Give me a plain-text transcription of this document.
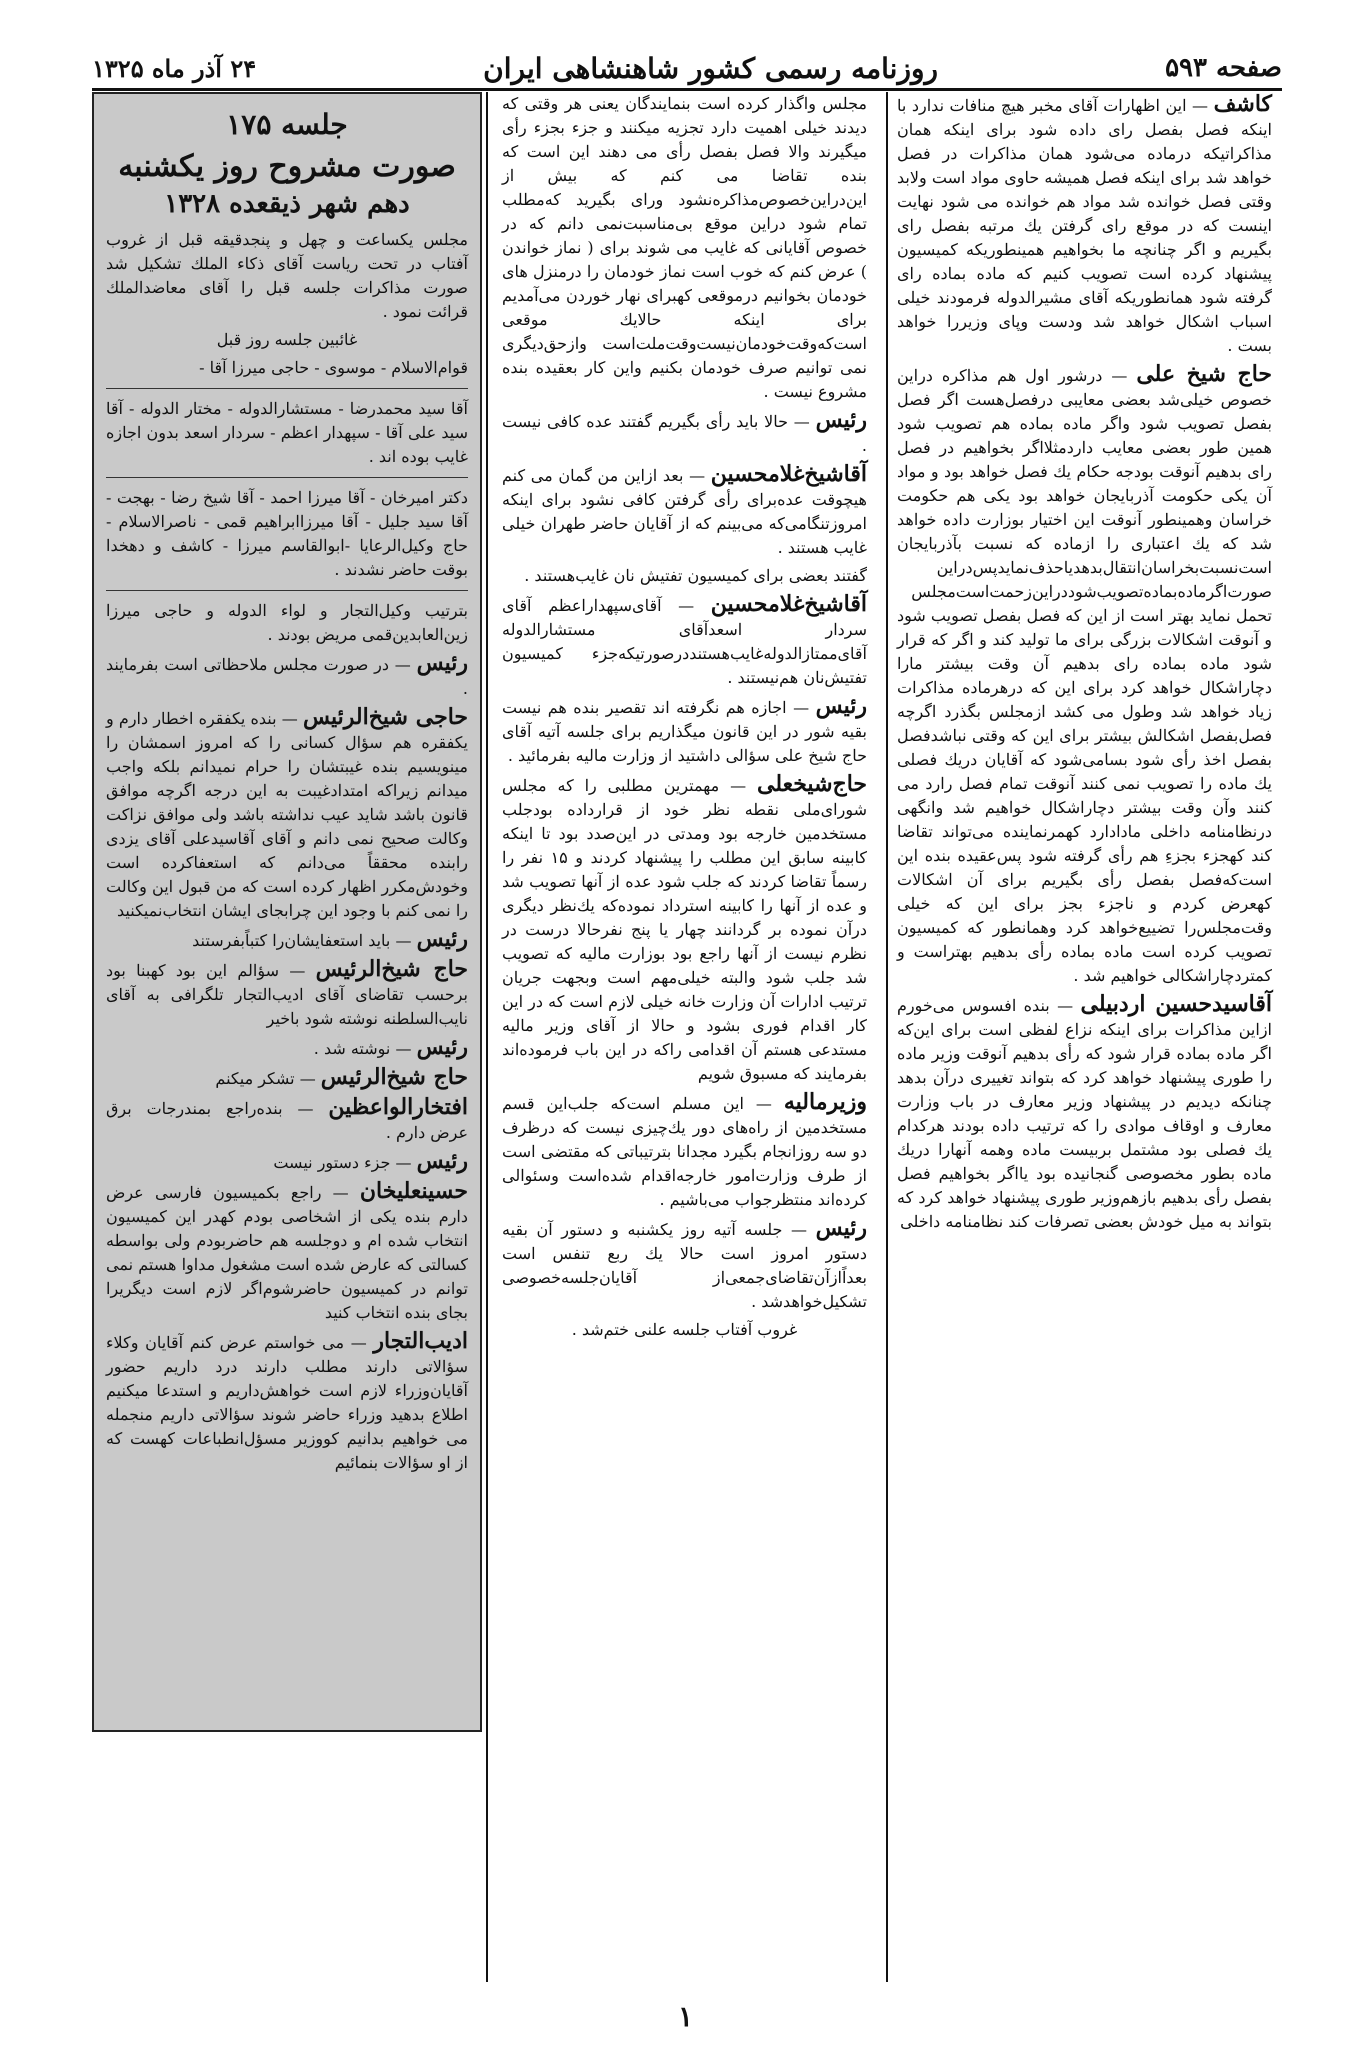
صفحه ۵۹۳
روزنامه رسمی کشور شاهنشاهی ایران
۲۴ آذر ماه ۱۳۲۵

کاشف — این اظهارات آقای مخبر هیچ منافات ندارد با اینکه فصل بفصل رای داده شود برای اینکه همان مذاکراتیکه درماده می‌شود همان مذاکرات در فصل خواهد شد برای اینکه فصل همیشه حاوی مواد است ولابد وقتی فصل خوانده شد مواد هم خوانده می شود نهایت اینست که در موقع رای گرفتن یك مرتبه بفصل رای بگیریم و اگر چنانچه ما بخواهیم همینطوریکه کمیسیون پیشنهاد کرده است تصویب کنیم که ماده بماده رای گرفته شود همانطوریکه آقای مشیرالدوله فرمودند خیلی اسباب اشکال خواهد شد ودست وپای وزیررا خواهد بست .

حاج شیخ علی — درشور اول هم مذاکره دراین خصوص خیلی‌شد بعضی معایبی درفصل‌هست اگر فصل بفصل تصویب شود واگر ماده بماده هم تصویب شود همین طور بعضی معایب داردمثلااگر بخواهیم در فصل رای بدهیم آنوقت بودجه حکام یك فصل خواهد بود و مواد آن یکی حکومت آذربایجان خواهد بود یکی هم حکومت خراسان وهمینطور آنوقت این اختیار بوزارت داده خواهد شد که یك اعتباری را ازماده که نسبت بآذربایجان است‌نسبت‌بخراسان‌انتقال‌بدهدیاحذف‌نماید‌پس‌دراین صورت‌اگرماده‌بماده‌تصویب‌شوددراین‌زحمت‌است‌مجلس تحمل نماید بهتر است از این که فصل بفصل تصویب شود و آنوقت اشکالات بزرگی برای ما تولید کند و اگر که قرار شود ماده بماده رای بدهیم آن وقت بیشتر مارا دچاراشکال خواهد کرد برای این که درهرماده مذاکرات زیاد خواهد شد وطول می کشد ازمجلس بگذرد اگرچه فصل‌بفصل اشکالش بیشتر برای این که وقتی نباشدفصل بفصل اخذ رأی شود بسامی‌شود که آقایان دریك فصلی یك ماده را تصویب نمی کنند آنوقت تمام فصل رارد می کنند وآن وقت بیشتر دچاراشکال خواهیم شد وانگهی درنظامنامه داخلی مادادارد کهمرنماینده می‌تواند تقاضا کند کهجزء بجزءِ هم رأی گرفته شود پس‌عقیده بنده این است‌که‌فصل بفصل رأی بگیریم برای آن اشکالات کهعرض کردم و ناجزء بجز برای این که خیلی وقت‌مجلس‌را تضییع‌خواهد کرد وهمانطور که کمیسیون تصویب کرده است ماده بماده رأی بدهیم بهتراست و کمتردچاراشکالی خواهیم شد .

آقاسیدحسین اردبیلی — بنده افسوس می‌خورم ازاین مذاکرات برای اینکه نزاع لفظی است برای این‌که اگر ماده بماده قرار شود که رأی بدهیم آنوقت وزیر ماده را طوری پیشنهاد خواهد کرد که بتواند تغییری درآن بدهد چنانکه دیدیم در پیشنهاد وزیر معارف در باب وزارت معارف و اوقاف موادی را که ترتیب داده بودند هرکدام یك فصلی بود مشتمل بربیست ماده وهمه آنهارا دریك ماده بطور مخصوصی گنجانیده بود یااگر بخواهیم فصل بفصل رأی بدهیم بازهم‌وزیر طوری پیشنهاد خواهد کرد که بتواند به میل خودش بعضی تصرفات کند نظامنامه داخلی

مجلس واگذار کرده است بنمایندگان یعنی هر وقتی که دیدند خیلی اهمیت دارد تجزیه میکنند و جزء بجزء رأی میگیرند والا فصل بفصل رأی می دهند این است که بنده تقاضا می کنم که بیش از این‌دراین‌خصوص‌مذاکره‌نشود ورای بگیرید که‌مطلب تمام شود دراین موقع بی‌مناسبت‌نمی دانم که در خصوص آقایانی که غایب می شوند برای ( نماز خواندن ) عرض کنم که خوب است نماز خودمان را درمنزل های خودمان بخوانیم درموقعی کهبرای نهار خوردن می‌آمدیم برای اینکه حالایك موقعی است‌که‌وقت‌خودمان‌نیست‌وقت‌ملت‌است وازحق‌دیگری نمی توانیم صرف خودمان بکنیم واین کار بعقیده بنده مشروع نیست .

رئیس — حالا باید رأی بگیریم گفتند عده کافی نیست .

آقاشیخ‌غلامحسین — بعد ازاین من گمان می کنم هیچوقت عده‌برای رأی گرفتن کافی نشود برای اینکه امروزتنگامی‌که می‌بینم که از آقایان حاضر طهران خیلی غایب هستند .

گفتند بعضی برای کمیسیون تفتیش نان غایب‌هستند .

آقاشیخ‌غلامحسین — آقای‌سپهداراعظم آقای سردار اسعدآقای مستشارالدوله آقای‌ممتاز‌الدوله‌غایب‌هستند‌درصورتیکه‌جزء کمیسیون تفتیش‌نان هم‌نیستند .

رئیس — اجازه هم نگرفته اند تقصیر بنده هم نیست بقیه شور در این قانون میگذاریم برای جلسه آتیه آقای حاج شیخ علی سؤالی داشتید از وزارت مالیه بفرمائید .

حاج‌شیخعلی — مهمترین مطلبی را که مجلس شورای‌ملی نقطه نظر خود از قرارداده بودجلب مستخدمین خارجه بود ومدتی در این‌صدد بود تا اینکه کابینه سابق این مطلب را پیشنهاد کردند و ۱۵ نفر را رسماً تقاضا کردند که جلب شود عده از آنها تصویب شد و عده از آنها را کابینه استرداد نموده‌که یك‌نظر دیگری درآن نموده بر گردانند چهار یا پنج نفرحالا درست در نظرم نیست از آنها راجع بود بوزارت مالیه که تصویب شد جلب شود والبته خیلی‌مهم است وبجهت جریان ترتیب ادارات آن وزارت خانه خیلی لازم است که در این کار اقدام فوری بشود و حالا از آقای وزیر مالیه مستدعی هستم آن اقدامی راکه در این باب فرموده‌اند بفرمایند که مسبوق شویم

وزیرمالیه — این مسلم است‌که جلب‌این قسم مستخدمین از راه‌های دور یك‌چیزی نیست که درظرف دو سه روزانجام بگیرد مجدانا بترتیباتی که مقتضی است از طرف وزارت‌امور خارجه‌اقدام شده‌است وسئوالی کرده‌اند منتظرجواب می‌باشیم .

رئیس — جلسه آتیه روز یکشنبه و دستور آن بقیه دستور امروز است حالا یك ربع تنفس است بعداًازآن‌تقاضای‌جمعی‌از آقایان‌جلسه‌خصوصی تشکیل‌خواهدشد .

غروب آفتاب جلسه علنی ختم‌شد .

جلسه ۱۷۵
صورت مشروح روز یکشنبه
دهم شهر ذیقعده ۱۳۲۸

مجلس یکساعت و چهل و پنجدقیقه قبل از غروب آفتاب در تحت ریاست آقای ذکاء الملك تشکیل شد صورت مذاکرات جلسه قبل را آقای معاضدالملك قرائت نمود .

غائبین جلسه روز قبل

قوام‌الاسلام - موسوی - حاجی میرزا آقا -

آقا سید محمدرضا - مستشارالدوله - مختار الدوله - آقا سید علی آقا - سپهدار اعظم - سردار اسعد بدون اجازه غایب بوده اند .

دکتر امیرخان - آقا میرزا احمد - آقا شیخ رضا - بهجت - آقا سید جلیل - آقا میرزاابراهیم قمی - ناصرالاسلام - حاج وکیل‌الرعایا -ابوالقاسم میرزا - کاشف و دهخدا بوقت حاضر نشدند .

بترتیب وکیل‌التجار و لواء الدوله و حاجی میرزا زین‌العابدین‌قمی مریض بودند .

رئیس — در صورت مجلس ملاحظاتی است بفرمایند .

حاجی شیخ‌الرئیس — بنده یکفقره اخطار دارم و یکفقره هم سؤال کسانی را که امروز اسمشان را مینویسیم بنده غیبتشان را حرام نمیدانم بلکه واجب میدانم زیراکه امتدادغیبت به این درجه اگرچه موافق قانون باشد شاید عیب نداشته باشد ولی موافق نزاکت وکالت صحیح نمی دانم و آقای آقاسیدعلی آقای یزدی رابنده محققاً می‌دانم که استعفاکرده است وخودش‌مکرر اظهار کرده است که من قبول این وکالت را نمی کنم با وجود این چرابجای ایشان انتخاب‌نمیکنید

رئیس — باید استعفایشان‌را کتباً‌بفرستند

حاج شیخ‌الرئیس — سؤالم این بود کهبنا بود برحسب تقاضای آقای ادیب‌التجار تلگرافی به آقای نایب‌السلطنه نوشته شود باخیر

رئیس — نوشته شد .

حاج شیخ‌الرئیس — تشکر میکنم

افتخارالواعظین — بنده‌راجع بمندرجات برق عرض دارم .

رئیس — جزء دستور نیست

حسینعلیخان — راجع بکمیسیون فارسی عرض دارم بنده یکی از اشخاصی بودم کهدر این کمیسیون انتخاب شده ام و دوجلسه هم حاضربودم ولی بواسطه کسالتی که عارض شده است مشغول مداوا هستم نمی توانم در کمیسیون حاضرشوم‌اگر لازم است دیگریرا بجای بنده انتخاب کنید

ادیب‌التجار — می خواستم عرض کنم آقایان وکلاء سؤالاتی دارند مطلب دارند درد داریم حضور آقایان‌وزراء لازم است خواهش‌داریم و استدعا میکنیم اطلاع بدهید وزراء حاضر شوند سؤالاتی داریم منجمله می خواهیم بدانیم کووزیر مسؤل‌انطباعات کهست که از او سؤالات بنمائیم

۱
